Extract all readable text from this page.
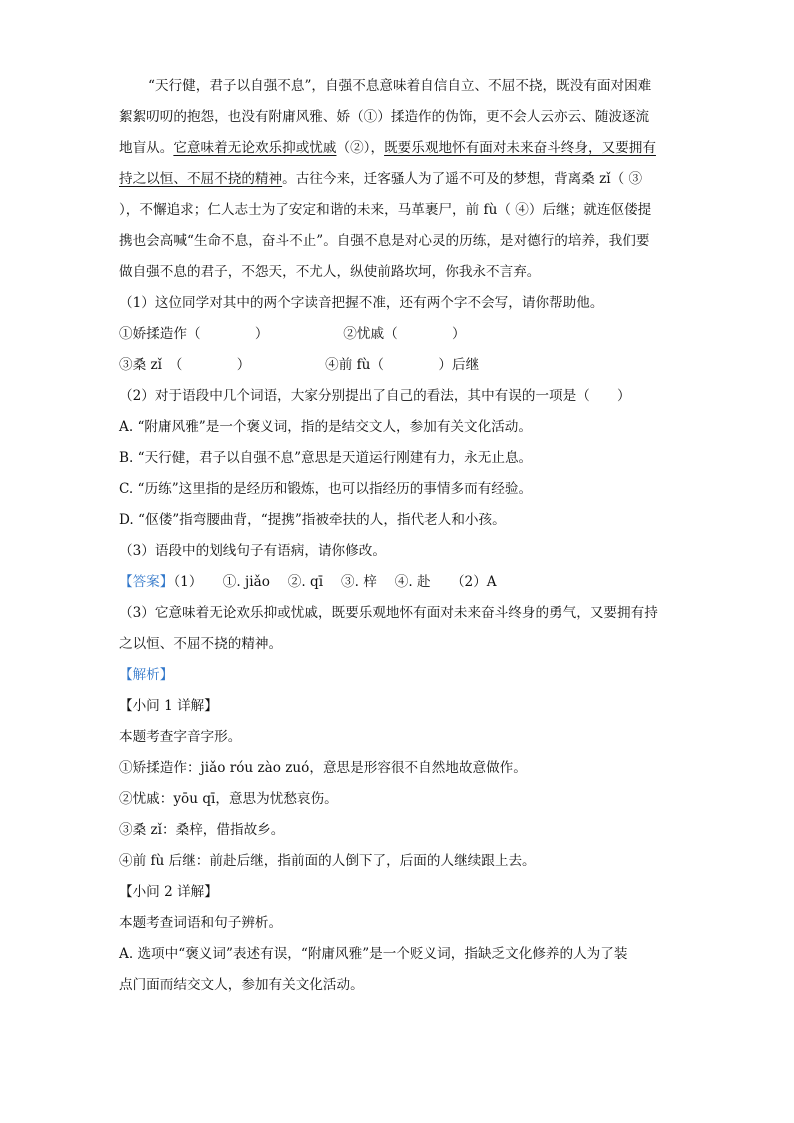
“天行健，君子以自强不息”，自强不息意味着自信自立、不屈不挠，既没有面对困难
絮絮叨叨的抱怨，也没有附庸风雅、娇（①）揉造作的伪饰，更不会人云亦云、随波逐流
地盲从。它意味着无论欢乐抑或忧戚（②），既要乐观地怀有面对未来奋斗终身，又要拥有
持之以恒、不屈不挠的精神。古往今来，迁客骚人为了遥不可及的梦想，背离桑 zǐ（ ③
），不懈追求；仁人志士为了安定和谐的未来，马革裹尸，前 fù（ ④）后继；就连伛偻提
携也会高喊“生命不息，奋斗不止”。自强不息是对心灵的历练，是对德行的培养，我们要
做自强不息的君子，不怨天，不尤人，纵使前路坎坷，你我永不言弃。
（1）这位同学对其中的两个字读音把握不准，还有两个字不会写，请你帮助他。
①娇揉造作（　　　　）　　　　　　②忧戚（　　　　）
③桑 zǐ　（　　　　）　　　　　　④前 fù（　　　　）后继
（2）对于语段中几个词语，大家分别提出了自己的看法，其中有误的一项是（　　）
A. “附庸风雅”是一个褒义词，指的是结交文人，参加有关文化活动。
B. “天行健，君子以自强不息”意思是天道运行刚建有力，永无止息。
C. “历练”这里指的是经历和锻炼，也可以指经历的事情多而有经验。
D. “伛偻”指弯腰曲背，“提携”指被牵扶的人，指代老人和小孩。
（3）语段中的划线句子有语病，请你修改。
【答案】（1）　　①. jiǎo　 ②. qī　 ③. 梓　 ④. 赴　　（2）A
（3）它意味着无论欢乐抑或忧戚，既要乐观地怀有面对未来奋斗终身的勇气，又要拥有持
之以恒、不屈不挠的精神。
【解析】
【小问 1 详解】
本题考查字音字形。
①矫揉造作：jiǎo róu zào zuó，意思是形容很不自然地故意做作。
②忧戚：yōu qī，意思为忧愁哀伤。
③桑 zǐ：桑梓，借指故乡。
④前 fù 后继：前赴后继，指前面的人倒下了，后面的人继续跟上去。
【小问 2 详解】
本题考查词语和句子辨析。
A. 选项中“褒义词”表述有误，“附庸风雅”是一个贬义词，指缺乏文化修养的人为了装
点门面而结交文人，参加有关文化活动。
